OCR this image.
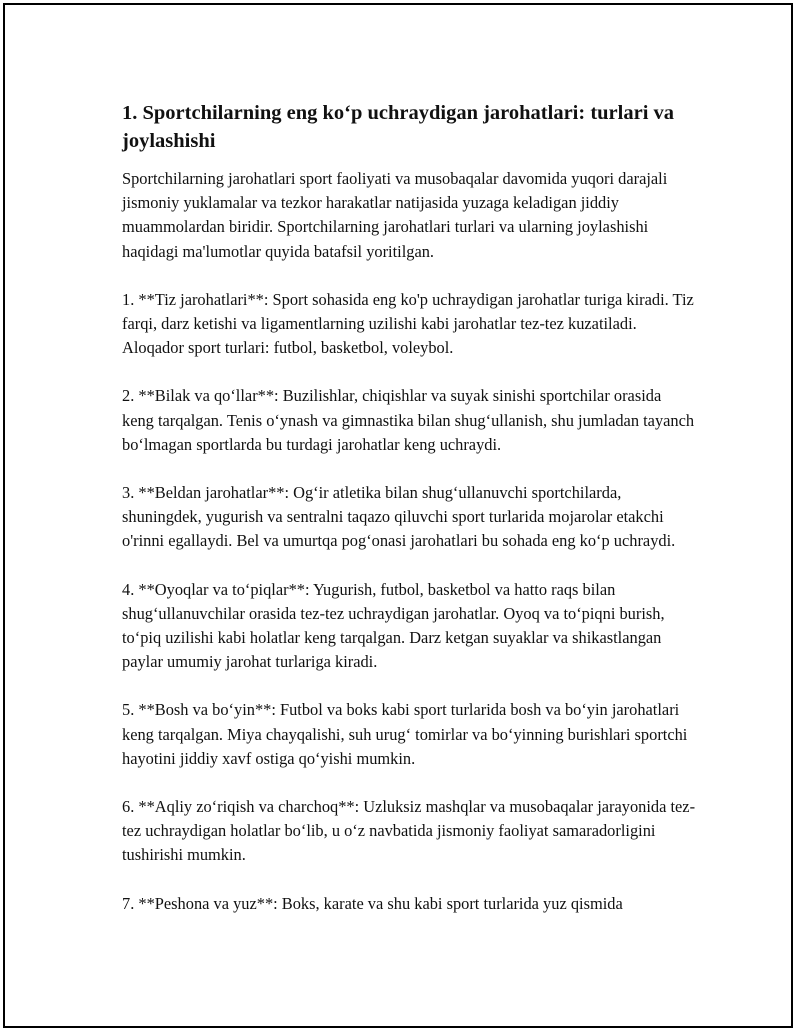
1. Sportchilarning eng ko‘p uchraydigan jarohatlari: turlari va joylashishi

Sportchilarning jarohatlari sport faoliyati va musobaqalar davomida yuqori darajali jismoniy yuklamalar va tezkor harakatlar natijasida yuzaga keladigan jiddiy muammolardan biridir. Sportchilarning jarohatlari turlari va ularning joylashishi haqidagi ma'lumotlar quyida batafsil yoritilgan.

1. **Tiz jarohatlari**: Sport sohasida eng ko'p uchraydigan jarohatlar turiga kiradi. Tiz farqi, darz ketishi va ligamentlarning uzilishi kabi jarohatlar tez-tez kuzatiladi. Aloqador sport turlari: futbol, basketbol, voleybol.

2. **Bilak va qo‘llar**: Buzilishlar, chiqishlar va suyak sinishi sportchilar orasida keng tarqalgan. Tenis o‘ynash va gimnastika bilan shug‘ullanish, shu jumladan tayanch bo‘lmagan sportlarda bu turdagi jarohatlar keng uchraydi.

3. **Beldan jarohatlar**: Og‘ir atletika bilan shug‘ullanuvchi sportchilarda, shuningdek, yugurish va sentralni taqazo qiluvchi sport turlarida mojarolar etakchi o'rinni egallaydi. Bel va umurtqa pog‘onasi jarohatlari bu sohada eng ko‘p uchraydi.

4. **Oyoqlar va to‘piqlar**: Yugurish, futbol, basketbol va hatto raqs bilan shug‘ullanuvchilar orasida tez-tez uchraydigan jarohatlar. Oyoq va to‘piqni burish, to‘piq uzilishi kabi holatlar keng tarqalgan. Darz ketgan suyaklar va shikastlangan paylar umumiy jarohat turlariga kiradi.

5. **Bosh va bo‘yin**: Futbol va boks kabi sport turlarida bosh va bo‘yin jarohatlari keng tarqalgan. Miya chayqalishi, suh urug‘ tomirlar va bo‘yinning burishlari sportchi hayotini jiddiy xavf ostiga qo‘yishi mumkin.

6. **Aqliy zo‘riqish va charchoq**: Uzluksiz mashqlar va musobaqalar jarayonida tez-tez uchraydigan holatlar bo‘lib, u o‘z navbatida jismoniy faoliyat samaradorligini tushirishi mumkin.

7. **Peshona va yuz**: Boks, karate va shu kabi sport turlarida yuz qismida
